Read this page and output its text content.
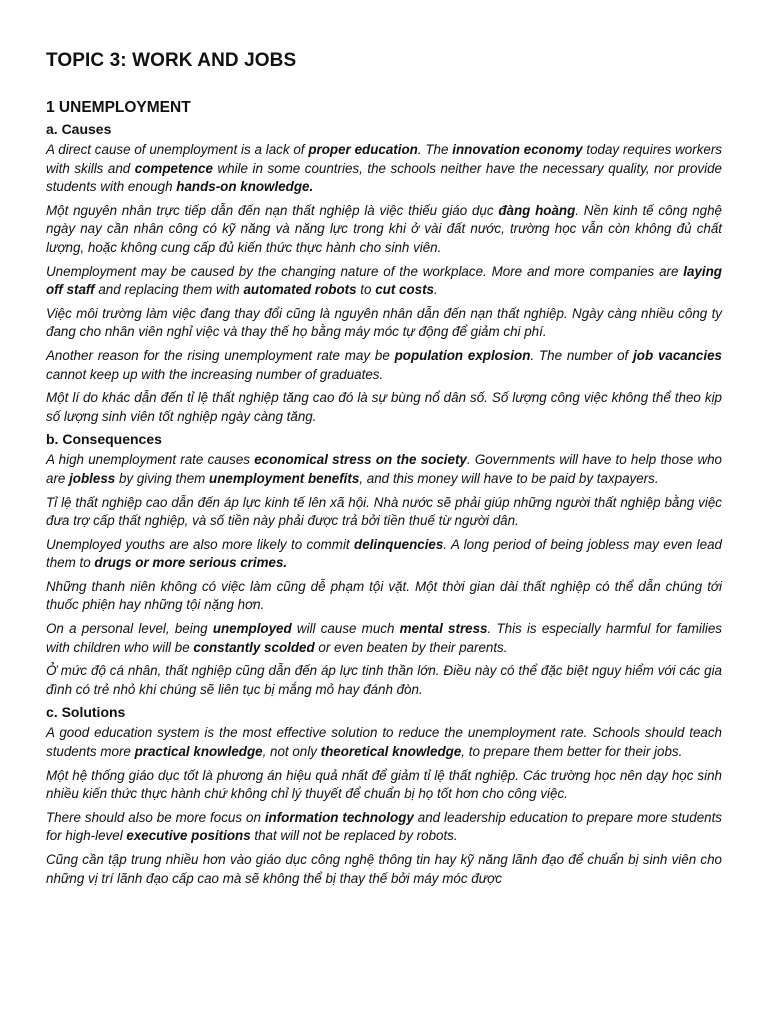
TOPIC 3: WORK AND JOBS
1 UNEMPLOYMENT
a. Causes

A direct cause of unemployment is a lack of proper education. The innovation economy today requires workers with skills and competence while in some countries, the schools neither have the necessary quality, nor provide students with enough hands-on knowledge.

Một nguyên nhân trực tiếp dẫn đến nạn thất nghiệp là việc thiếu giáo dục đàng hoàng. Nền kinh tế công nghệ ngày nay cần nhân công có kỹ năng và năng lực trong khi ở vài đất nước, trường học vẫn còn không đủ chất lượng, hoặc không cung cấp đủ kiến thức thực hành cho sinh viên.

Unemployment may be caused by the changing nature of the workplace. More and more companies are laying off staff and replacing them with automated robots to cut costs.

Việc môi trường làm việc đang thay đổi cũng là nguyên nhân dẫn đến nạn thất nghiệp. Ngày càng nhiều công ty đang cho nhân viên nghỉ việc và thay thế họ bằng máy móc tự động để giảm chi phí.

Another reason for the rising unemployment rate may be population explosion. The number of job vacancies cannot keep up with the increasing number of graduates.

Một lí do khác dẫn đến tỉ lệ thất nghiệp tăng cao đó là sự bùng nổ dân số. Số lượng công việc không thể theo kịp số lượng sinh viên tốt nghiệp ngày càng tăng.

b. Consequences

A high unemployment rate causes economical stress on the society. Governments will have to help those who are jobless by giving them unemployment benefits, and this money will have to be paid by taxpayers.

Tỉ lệ thất nghiệp cao dẫn đến áp lực kinh tế lên xã hội. Nhà nước sẽ phải giúp những người thất nghiệp bằng việc đưa trợ cấp thất nghiệp, và số tiền này phải được trả bởi tiền thuế từ người dân.

Unemployed youths are also more likely to commit delinquencies. A long period of being jobless may even lead them to drugs or more serious crimes.

Những thanh niên không có việc làm cũng dễ phạm tội vặt. Một thời gian dài thất nghiệp có thể dẫn chúng tới thuốc phiện hay những tội nặng hơn.

On a personal level, being unemployed will cause much mental stress. This is especially harmful for families with children who will be constantly scolded or even beaten by their parents.

Ở mức độ cá nhân, thất nghiệp cũng dẫn đến áp lực tinh thần lớn. Điều này có thể đặc biệt nguy hiểm với các gia đình có trẻ nhỏ khi chúng sẽ liên tục bị mắng mỏ hay đánh đòn.

c. Solutions

A good education system is the most effective solution to reduce the unemployment rate. Schools should teach students more practical knowledge, not only theoretical knowledge, to prepare them better for their jobs.

Một hệ thống giáo dục tốt là phương án hiệu quả nhất để giảm tỉ lệ thất nghiệp. Các trường học nên dạy học sinh nhiều kiến thức thực hành chứ không chỉ lý thuyết để chuẩn bị họ tốt hơn cho công việc.

There should also be more focus on information technology and leadership education to prepare more students for high-level executive positions that will not be replaced by robots.

Cũng cần tập trung nhiều hơn vào giáo dục công nghệ thông tin hay kỹ năng lãnh đạo để chuẩn bị sinh viên cho những vị trí lãnh đạo cấp cao mà sẽ không thể bị thay thế bởi máy móc được
